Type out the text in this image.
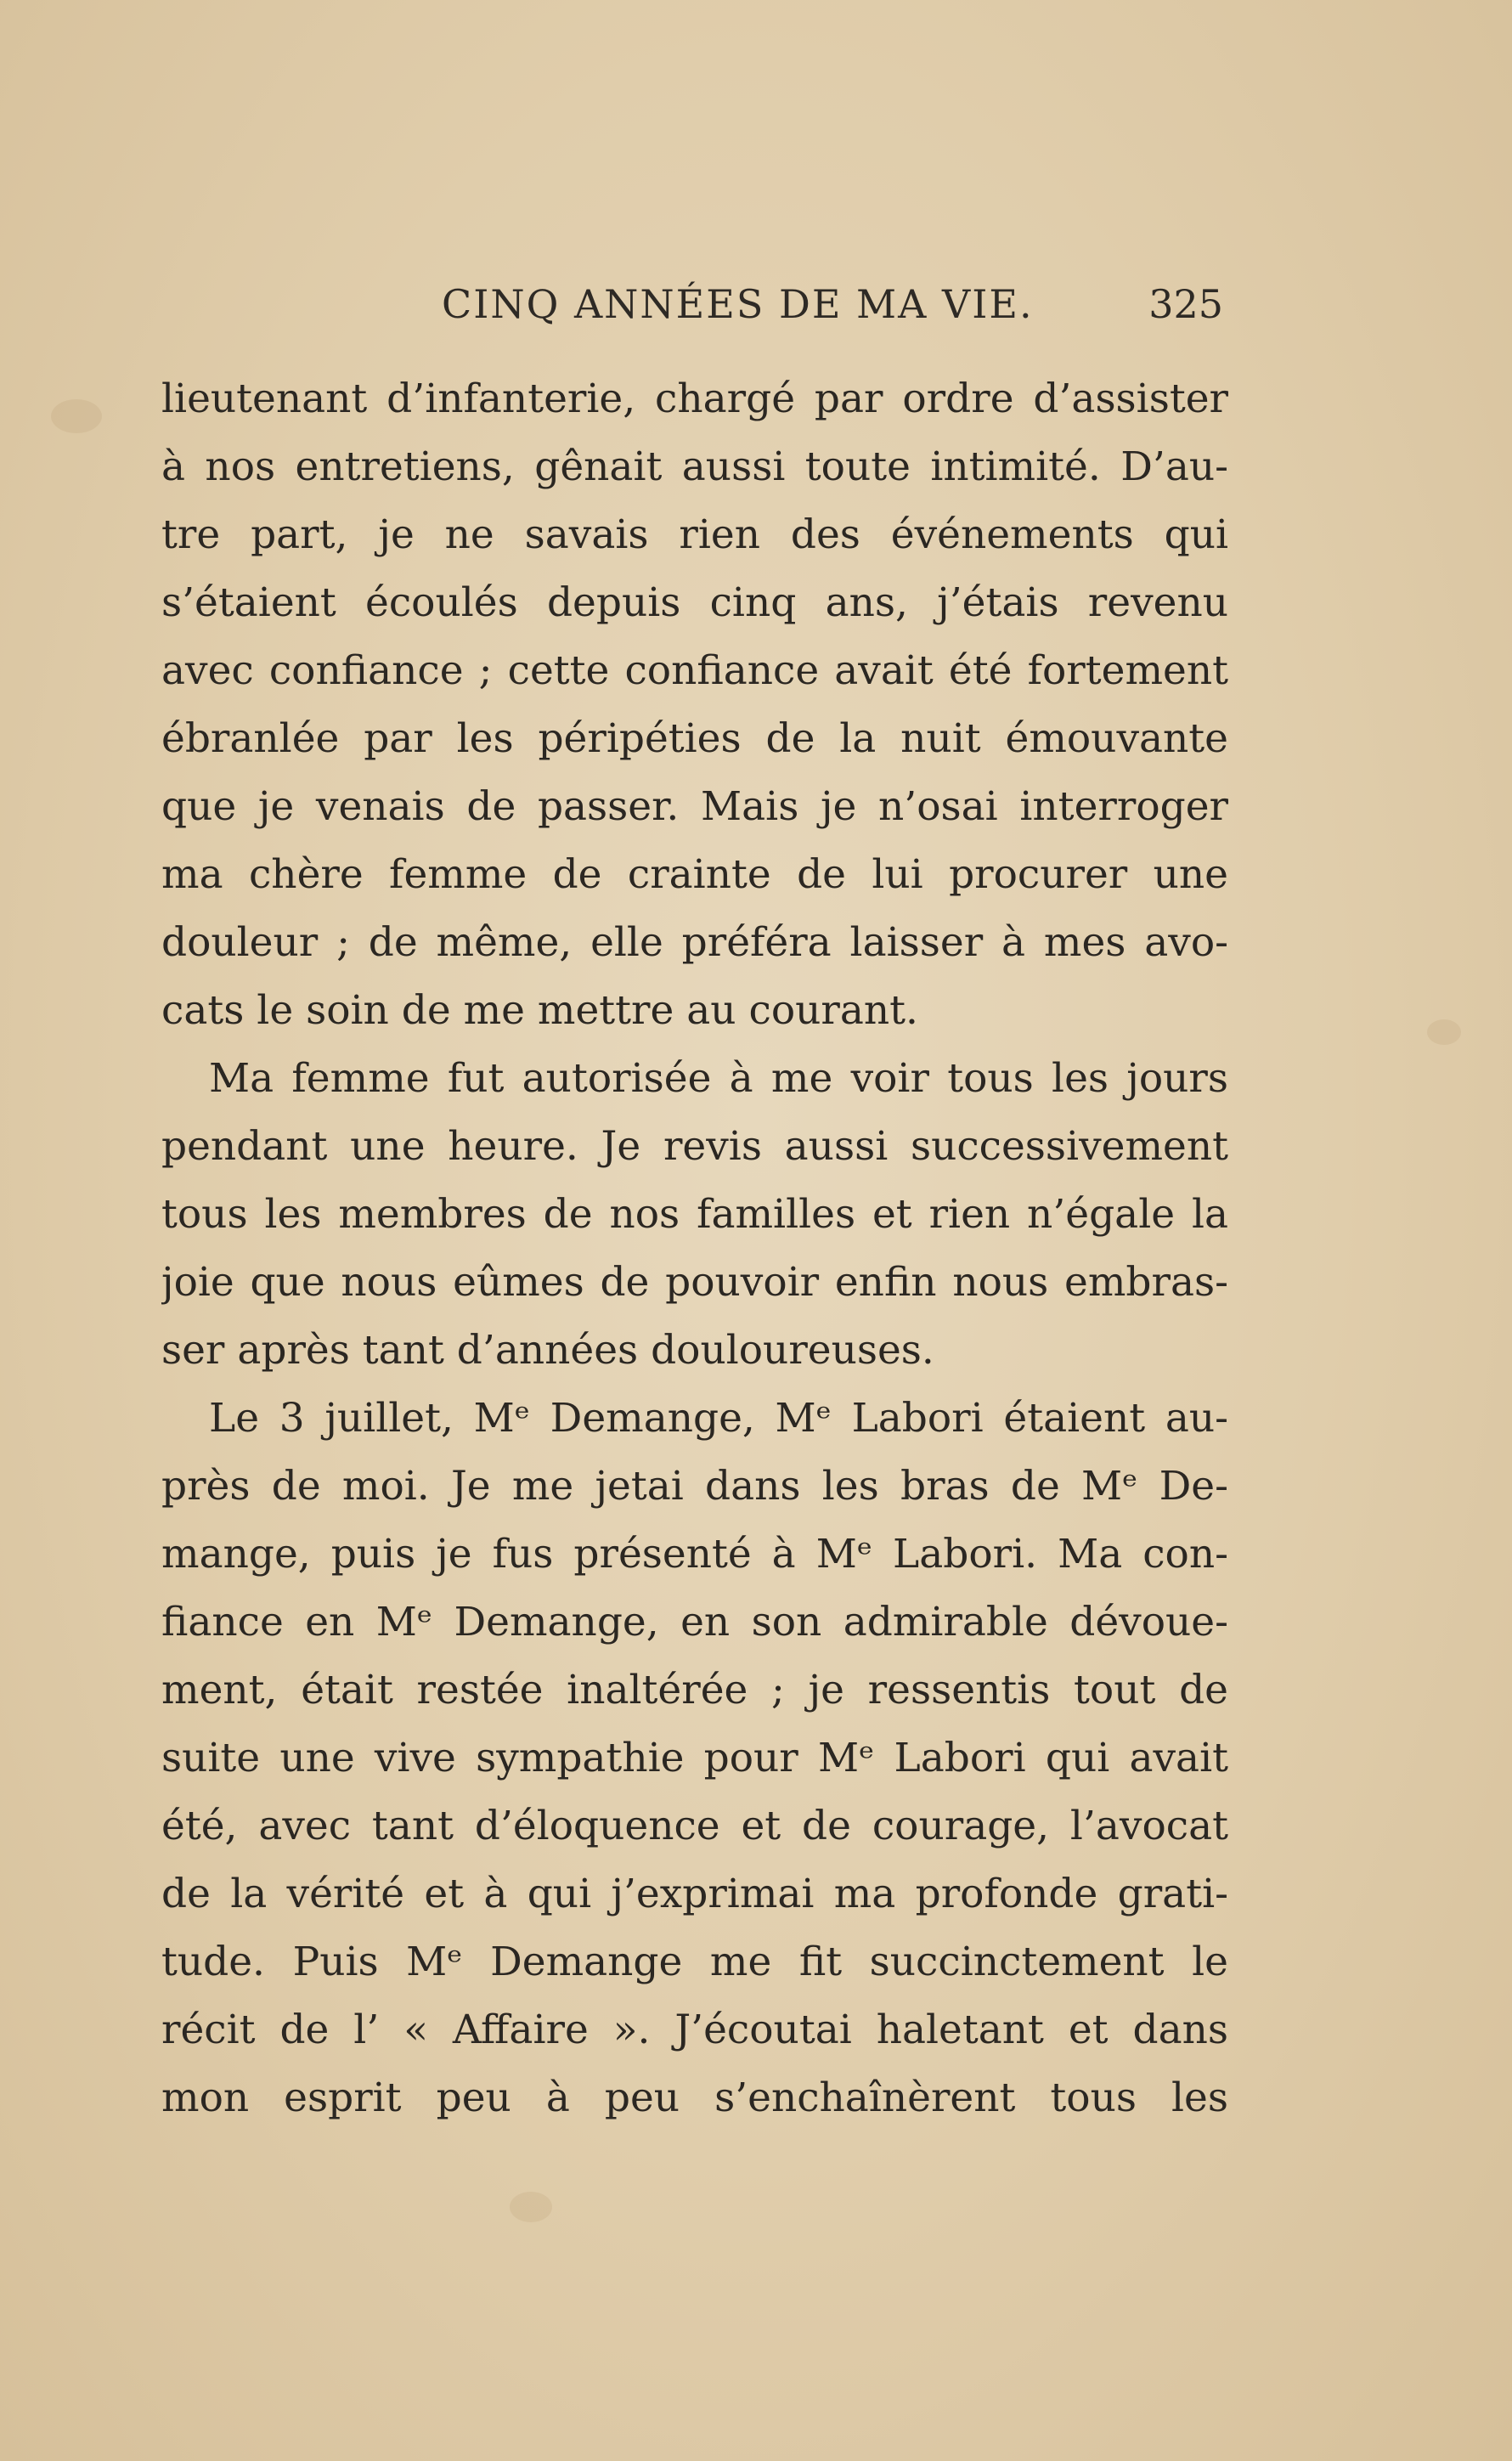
CINQ ANNÉES DE MA VIE.	325
lieutenant d’infanterie, chargé par ordre d’assister
à nos entretiens, gênait aussi toute intimité. D’au-
tre part, je ne savais rien des événements qui
s’étaient écoulés depuis cinq ans, j’étais revenu
avec confiance ; cette confiance avait été fortement
ébranlée par les péripéties de la nuit émouvante
que je venais de passer. Mais je n’osai interroger
ma chère femme de crainte de lui procurer une
douleur ; de même, elle préféra laisser à mes avo-
cats le soin de me mettre au courant.
Ma femme fut autorisée à me voir tous les jours
pendant une heure. Je revis aussi successivement
tous les membres de nos familles et rien n’égale la
joie que nous eûmes de pouvoir enfin nous embras-
ser après tant d’années douloureuses.
Le 3 juillet, Mᵉ Demange, Mᵉ Labori étaient au-
près de moi. Je me jetai dans les bras de Mᵉ De-
mange, puis je fus présenté à Mᵉ Labori. Ma con-
fiance en Mᵉ Demange, en son admirable dévoue-
ment, était restée inaltérée ; je ressentis tout de
suite une vive sympathie pour Mᵉ Labori qui avait
été, avec tant d’éloquence et de courage, l’avocat
de la vérité et à qui j’exprimai ma profonde grati-
tude. Puis Mᵉ Demange me fit succinctement le
récit de l’ « Affaire ». J’écoutai haletant et dans
mon esprit peu à peu s’enchaînèrent tous les
